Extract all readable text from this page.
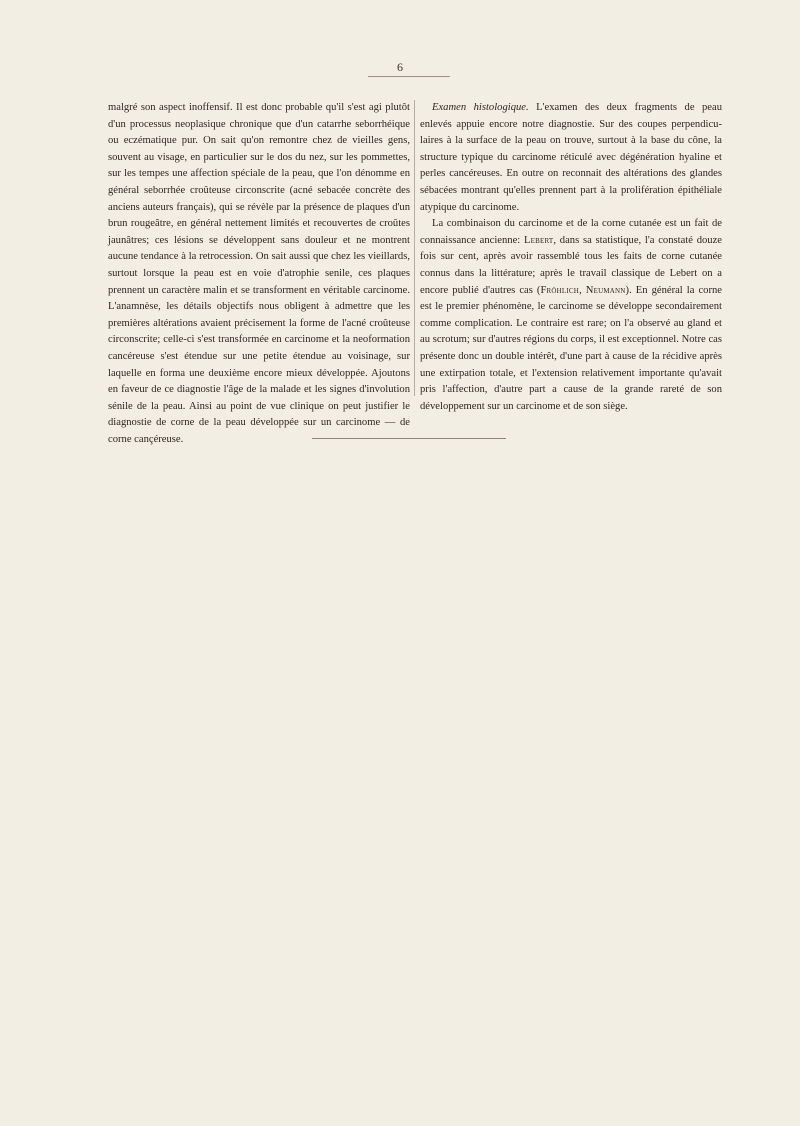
6

malgré son aspect inoffensif. Il est donc probable qu'il s'est agi plutôt d'un processus neoplasique chronique que d'un catarrhe seborrhéique ou eczématique pur. On sait qu'on remontre chez de vieilles gens, souvent au visage, en particulier sur le dos du nez, sur les pommettes, sur les tempes une affection spéciale de la peau, que l'on dénomme en général seborrhée croûteuse circonscrite (acné sebacée concrète des anciens auteurs français), qui se révèle par la présence de plaques d'un brun rougeâtre, en général nettement limités et recouvertes de croûtes jaunâtres; ces lésions se développent sans douleur et ne montrent aucune tendance à la retrocession. On sait aussi que chez les vieillards, surtout lorsque la peau est en voie d'atrophie senile, ces plaques prennent un caractère malin et se transforment en véritable carcinome. L'anamnèse, les détails objectifs nous obligent à admettre que les premières altérations avaient précisement la forme de l'acné croûteuse circonscrite; celle-ci s'est transformée en carcinome et la neoformation cancéreuse s'est étendue sur une petite étendue au voisinage, sur laquelle en forma une deuxième encore mieux développée. Ajoutons en faveur de ce diagnostie l'âge de la malade et les signes d'involution sénile de la peau. Ainsi au point de vue clinique on peut justifier le diagnostie de corne de la peau développée sur un carcinome — de corne cançéreuse.

Examen histologique. L'examen des deux fragments de peau enlevés appuie encore notre diagnostie. Sur des coupes perpendiculaires à la surface de la peau on trouve, surtout à la base du cône, la structure typique du carcinome réticulé avec dégénération hyaline et perles cancéreuses. En outre on reconnait des altérations des glandes sébacées montrant qu'elles prennent part à la prolifération épithéliale atypique du carcinome.

La combinaison du carcinome et de la corne cutanée est un fait de connaissance ancienne: Lebert, dans sa statistique, l'a constaté douze fois sur cent, après avoir rassemblé tous les faits de corne cutanée connus dans la littérature; après le travail classique de Lebert on a encore publié d'autres cas (Fröhlich, Neumann). En général la corne est le premier phénomène, le carcinome se développe secondairement comme complication. Le contraire est rare; on l'a observé au gland et au scrotum; sur d'autres régions du corps, il est exceptionnel. Notre cas présente donc un double intérêt, d'une part à cause de la récidive après une extirpation totale, et l'extension relativement importante qu'avait pris l'affection, d'autre part a cause de la grande rareté de son développement sur un carcinome et de son siège.
